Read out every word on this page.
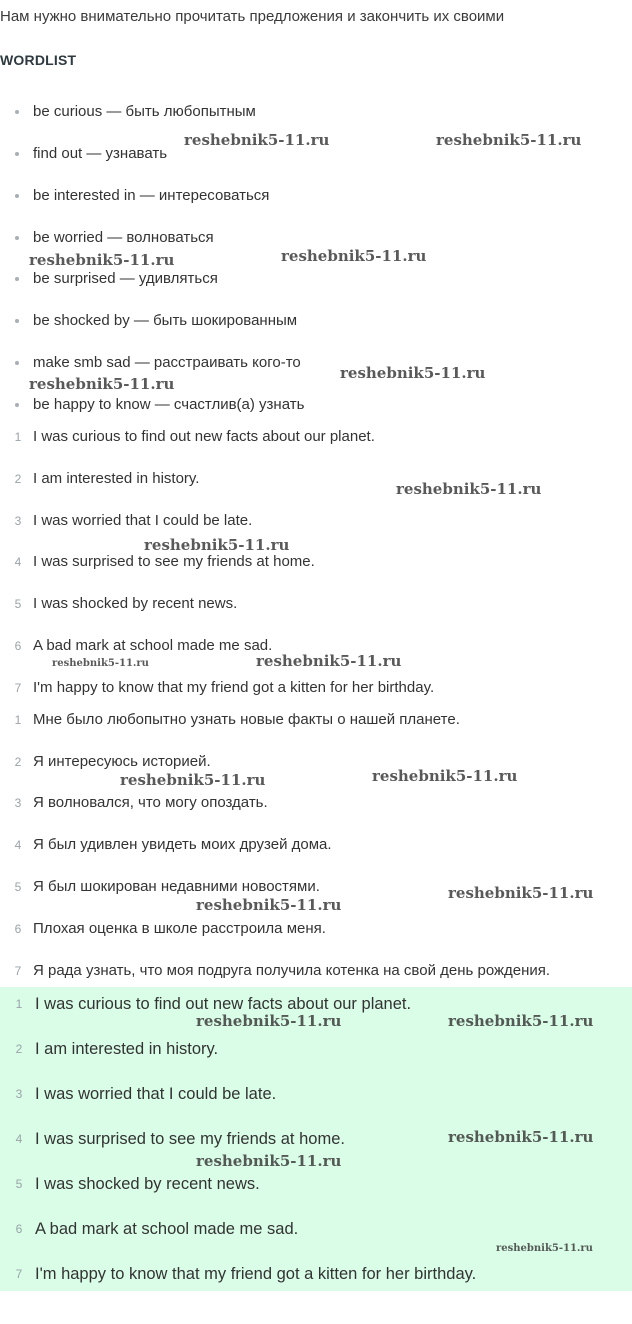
Нам нужно внимательно прочитать предложения и закончить их своими
WORDLIST
be curious — быть любопытным
find out — узнавать
be interested in — интересоваться
be worried — волноваться
be surprised — удивляться
be shocked by — быть шокированным
make smb sad — расстраивать кого-то
be happy to know — счастлив(а) узнать
1 I was curious to find out new facts about our planet.
2 I am interested in history.
3 I was worried that I could be late.
4 I was surprised to see my friends at home.
5 I was shocked by recent news.
6 A bad mark at school made me sad.
7 I'm happy to know that my friend got a kitten for her birthday.
1 Мне было любопытно узнать новые факты о нашей планете.
2 Я интересуюсь историей.
3 Я волновался, что могу опоздать.
4 Я был удивлен увидеть моих друзей дома.
5 Я был шокирован недавними новостями.
6 Плохая оценка в школе расстроила меня.
7 Я рада узнать, что моя подруга получила котенка на свой день рождения.
1 I was curious to find out new facts about our planet.
2 I am interested in history.
3 I was worried that I could be late.
4 I was surprised to see my friends at home.
5 I was shocked by recent news.
6 A bad mark at school made me sad.
7 I'm happy to know that my friend got a kitten for her birthday.
reshebnik5-11.ru	reshebnik5-11.ru
reshebnik5-11.ru	reshebnik5-11.ru
reshebnik5-11.ru
reshebnik5-11.ru
reshebnik5-11.ru
reshebnik5-11.ru
reshebnik5-11.ru	reshebnik5-11.ru
reshebnik5-11.ru	reshebnik5-11.ru
reshebnik5-11.ru
reshebnik5-11.ru
reshebnik5-11.ru	reshebnik5-11.ru
reshebnik5-11.ru
reshebnik5-11.ru
reshebnik5-11.ru
